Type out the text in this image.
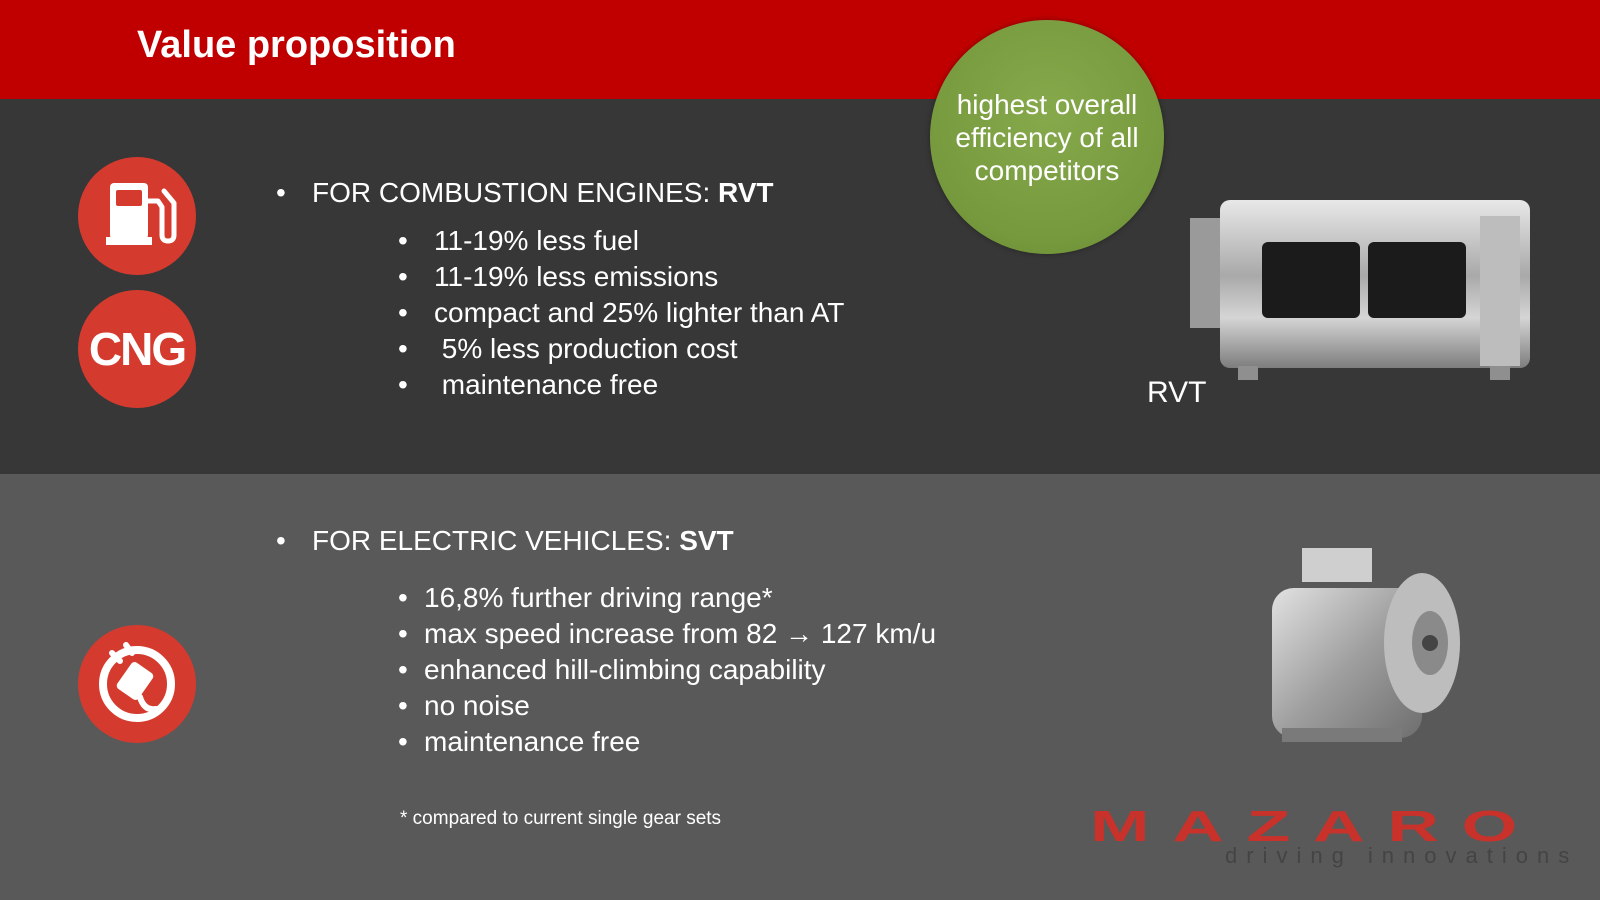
Value proposition
CNG
• FOR COMBUSTION ENGINES: RVT
• 11-19% less fuel
• 11-19% less emissions
• compact and 25% lighter than AT
• 5% less production cost
• maintenance free
highest overall efficiency of all competitors
RVT
• FOR ELECTRIC VEHICLES: SVT
• 16,8% further driving range*
• max speed increase from 82 → 127 km/u
• enhanced hill-climbing capability
• no noise
• maintenance free
* compared to current single gear sets	MAZARO
driving innovations
